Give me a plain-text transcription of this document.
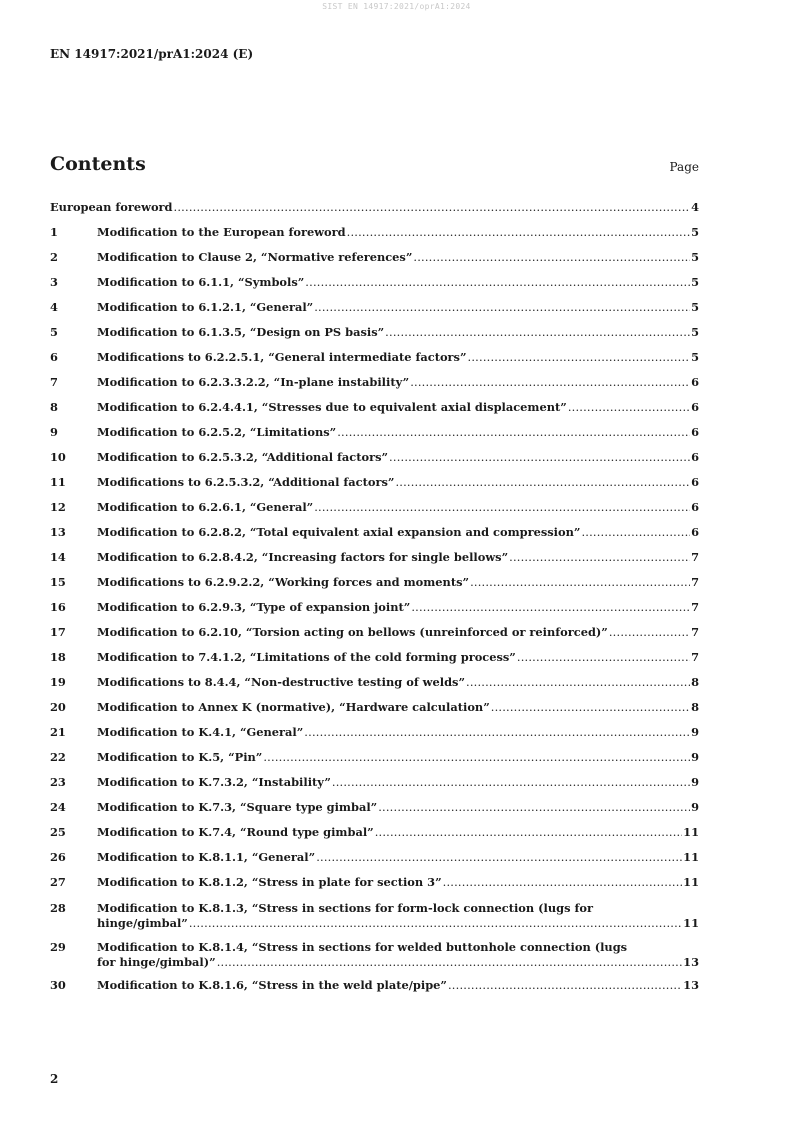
SIST EN 14917:2021/oprA1:2024
EN 14917:2021/prA1:2024 (E)
Contents	Page
European foreword .....	4
1	Modification to the European foreword .....	5
2	Modification to Clause 2, “Normative references” .....	5
3	Modification to 6.1.1, “Symbols” .....	5
4	Modification to 6.1.2.1, “General” .....	5
5	Modification to 6.1.3.5, “Design on PS basis” .....	5
6	Modifications to 6.2.2.5.1, “General intermediate factors” .....	5
7	Modification to 6.2.3.3.2.2, “In-plane instability” .....	6
8	Modification to 6.2.4.4.1, “Stresses due to equivalent axial displacement” .....	6
9	Modification to 6.2.5.2, “Limitations” .....	6
10	Modification to 6.2.5.3.2, “Additional factors” .....	6
11	Modifications to 6.2.5.3.2, “Additional factors” .....	6
12	Modification to 6.2.6.1, “General” .....	6
13	Modification to 6.2.8.2, “Total equivalent axial expansion and compression” .....	6
14	Modification to 6.2.8.4.2, “Increasing factors for single bellows” .....	7
15	Modifications to 6.2.9.2.2, “Working forces and moments” .....	7
16	Modification to 6.2.9.3, “Type of expansion joint” .....	7
17	Modification to 6.2.10, “Torsion acting on bellows (unreinforced or reinforced)” .....	7
18	Modification to 7.4.1.2, “Limitations of the cold forming process” .....	7
19	Modifications to 8.4.4, “Non-destructive testing of welds” .....	8
20	Modification to Annex K (normative), “Hardware calculation” .....	8
21	Modification to K.4.1, “General” .....	9
22	Modification to K.5, “Pin” .....	9
23	Modification to K.7.3.2, “Instability” .....	9
24	Modification to K.7.3, “Square type gimbal” .....	9
25	Modification to K.7.4, “Round type gimbal” .....	11
26	Modification to K.8.1.1, “General” .....	11
27	Modification to K.8.1.2, “Stress in plate for section 3” .....	11
28	Modification to K.8.1.3, “Stress in sections for form-lock connection (lugs for
hinge/gimbal” .....	11
29	Modification to K.8.1.4, “Stress in sections for welded buttonhole connection (lugs
for hinge/gimbal)” .....	13
30	Modification to K.8.1.6, “Stress in the weld plate/pipe” .....	13
2
